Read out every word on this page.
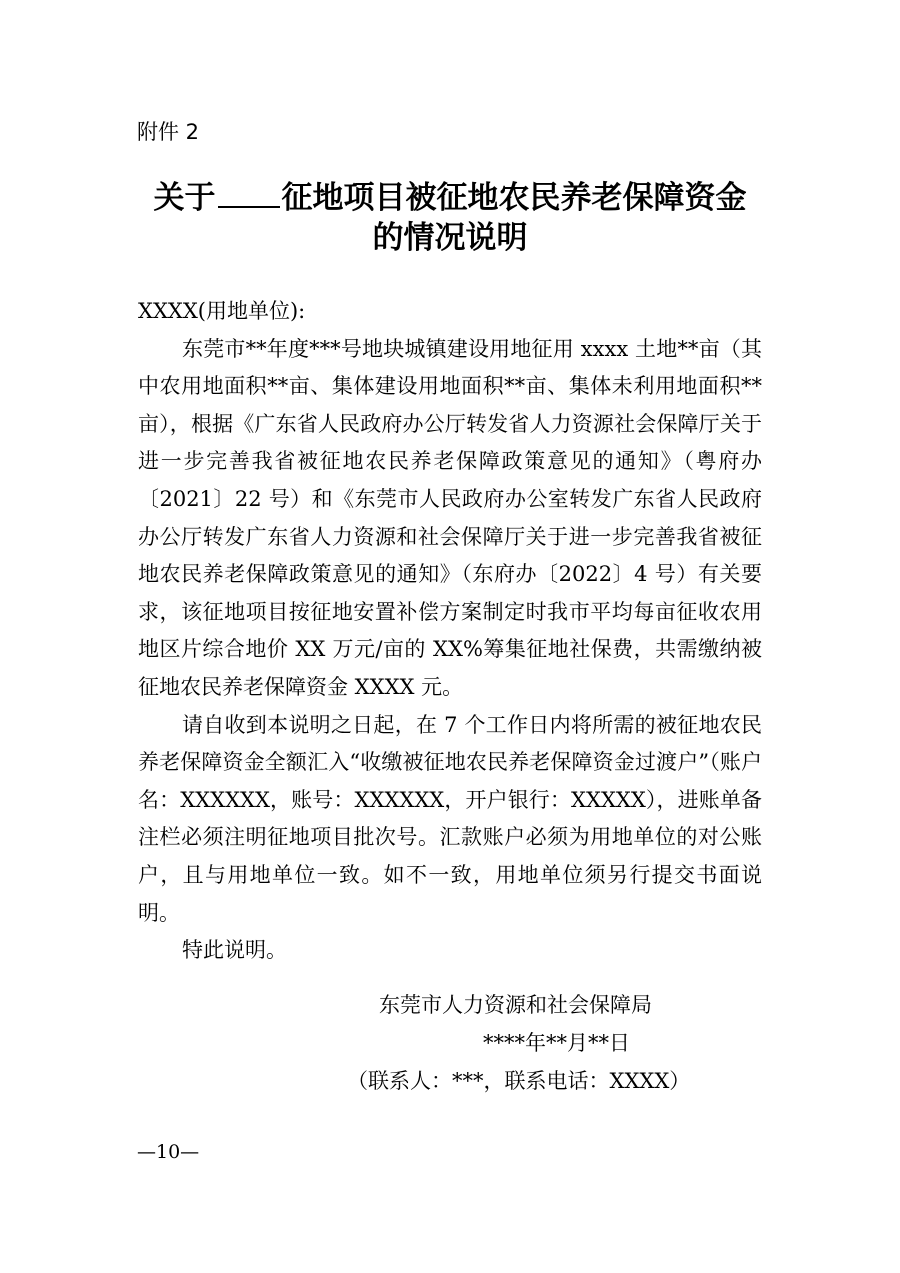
附件 2
关于 征地项目被征地农民养老保障资金
的情况说明

XXXX(用地单位):

东莞市**年度***号地块城镇建设用地征用 xxxx 土地**亩（其中农用地面积**亩、集体建设用地面积**亩、集体未利用地面积**亩），根据《广东省人民政府办公厅转发省人力资源社会保障厅关于进一步完善我省被征地农民养老保障政策意见的通知》（粤府办〔2021〕22 号）和《东莞市人民政府办公室转发广东省人民政府办公厅转发广东省人力资源和社会保障厅关于进一步完善我省被征地农民养老保障政策意见的通知》（东府办〔2022〕4 号）有关要求，该征地项目按征地安置补偿方案制定时我市平均每亩征收农用地区片综合地价 XX 万元/亩的 XX%筹集征地社保费，共需缴纳被征地农民养老保障资金 XXXX 元。

请自收到本说明之日起，在 7 个工作日内将所需的被征地农民养老保障资金全额汇入“收缴被征地农民养老保障资金过渡户”（账户名：XXXXXX，账号：XXXXXX，开户银行：XXXXX），进账单备注栏必须注明征地项目批次号。汇款账户必须为用地单位的对公账户，且与用地单位一致。如不一致，用地单位须另行提交书面说明。

特此说明。

东莞市人力资源和社会保障局
****年**月**日
（联系人：***，联系电话：XXXX）
—10—
